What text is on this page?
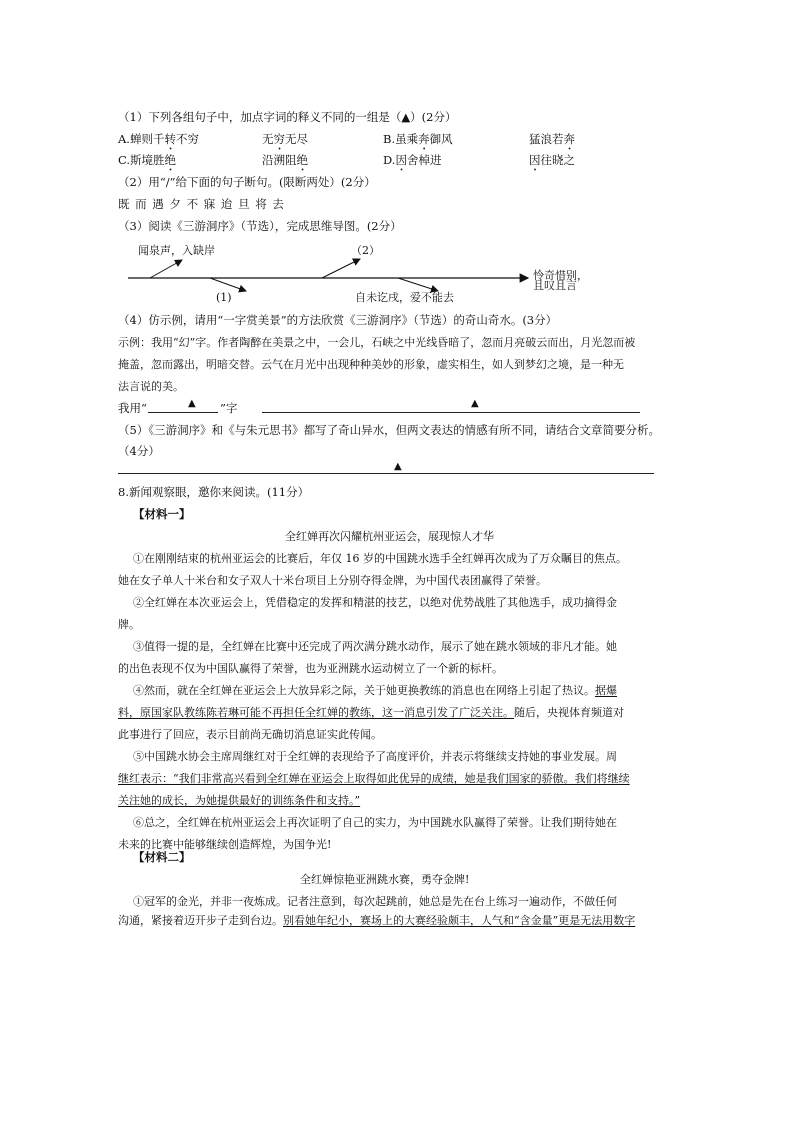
（1）下列各组句子中，加点字词的释义不同的一组是（▲）(2分）
A.蝉则千转不穷	无穷无尽	B.虽乘奔御风	猛浪若奔
C.斯境胜绝	沿溯阻绝	D.因舍棹进	因往晓之
（2）用“/”给下面的句子断句。(限断两处）(2分）
既 而 遇 夕 不 寐 迨 旦 将 去
（3）阅读《三游洞序》（节选），完成思维导图。(2分）
闻泉声，入缺岸	（2）
(1)	自未讫戌，爱不能去
怜奇惜别，
且叹且言
（4）仿示例，请用“一字赏美景”的方法欣赏《三游洞序》（节选）的奇山奇水。(3分）
示例：我用“幻”字。作者陶醉在美景之中，一会儿，石峡之中光线昏暗了，忽而月亮破云而出，月光忽而被
掩盖，忽而露出，明暗交替。云气在月光中出现种种美妙的形象，虚实相生，如人到梦幻之境，是一种无
法言说的美。
我用“	▲ ”字	▲
（5）《三游洞序》和《与朱元思书》都写了奇山异水，但两文表达的情感有所不同，请结合文章简要分析。
（4分）
▲
8.新闻观察眼，邀你来阅读。(11分）
【材料一】
全红婵再次闪耀杭州亚运会，展现惊人才华
①在刚刚结束的杭州亚运会的比赛后，年仅 16 岁的中国跳水选手全红婵再次成为了万众瞩目的焦点。
她在女子单人十米台和女子双人十米台项目上分别夺得金牌，为中国代表团赢得了荣誉。
②全红婵在本次亚运会上，凭借稳定的发挥和精湛的技艺，以绝对优势战胜了其他选手，成功摘得金
牌。
③值得一提的是，全红婵在比赛中还完成了两次满分跳水动作，展示了她在跳水领域的非凡才能。她
的出色表现不仅为中国队赢得了荣誉，也为亚洲跳水运动树立了一个新的标杆。
④然而，就在全红婵在亚运会上大放异彩之际，关于她更换教练的消息也在网络上引起了热议。据爆
料，原国家队教练陈若琳可能不再担任全红婵的教练，这一消息引发了广泛关注。随后，央视体育频道对
此事进行了回应，表示目前尚无确切消息证实此传闻。
⑤中国跳水协会主席周继红对于全红婵的表现给予了高度评价，并表示将继续支持她的事业发展。周
继红表示：“我们非常高兴看到全红婵在亚运会上取得如此优异的成绩，她是我们国家的骄傲。我们将继续
关注她的成长，为她提供最好的训练条件和支持。”
⑥总之，全红婵在杭州亚运会上再次证明了自己的实力，为中国跳水队赢得了荣誉。让我们期待她在
未来的比赛中能够继续创造辉煌，为国争光!
【材料二】
全红婵惊艳亚洲跳水赛，勇夺金牌!
①冠军的金光，并非一夜炼成。记者注意到，每次起跳前，她总是先在台上练习一遍动作，不做任何
沟通，紧接着迈开步子走到台边。别看她年纪小，赛场上的大赛经验颇丰，人气和“含金量”更是无法用数字
